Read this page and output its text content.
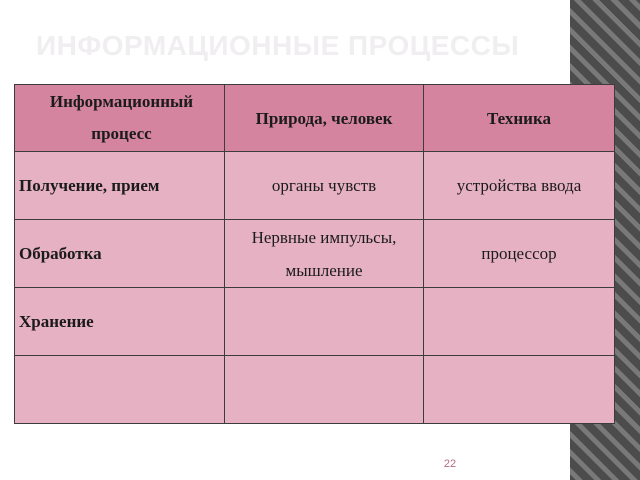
ИНФОРМАЦИОННЫЕ ПРОЦЕССЫ
Информационный процесс	Природа, человек	Техника
Получение, прием	органы чувств	устройства ввода
Обработка	Нервные импульсы, мышление	процессор
Хранение		

22
